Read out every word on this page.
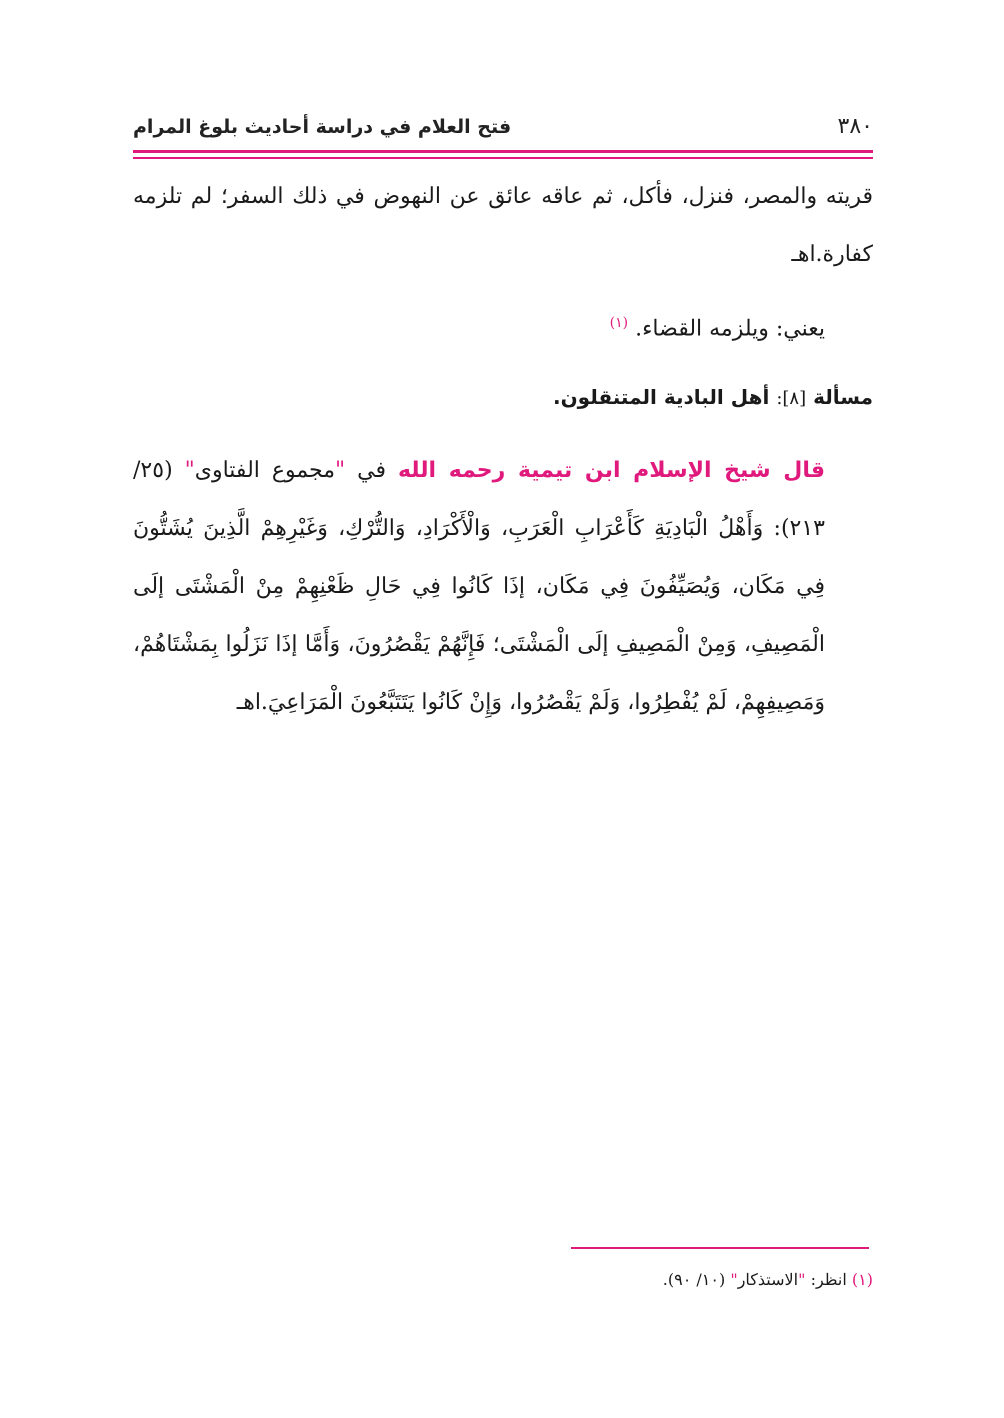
٣٨٠
فتح العلام في دراسة أحاديث بلوغ المرام

قريته والمصر، فنزل، فأكل، ثم عاقه عائق عن النهوض في ذلك السفر؛ لم تلزمه كفارة.اهـ

يعني: ويلزمه القضاء. $^{(١)}$

مسألة [٨]: أهل البادية المتنقلون.

قال شيخ الإسلام ابن تيمية رحمه الله في "مجموع الفتاوى" (٢٥/ ٢١٣): وَأَهْلُ الْبَادِيَةِ كَأَعْرَابِ الْعَرَبِ، وَالْأَكْرَادِ، وَالتُّرْكِ، وَغَيْرِهِمْ الَّذِينَ يُشَتُّونَ فِي مَكَان، وَيُصَيِّفُونَ فِي مَكَان، إذَا كَانُوا فِي حَالِ ظَعْنِهِمْ مِنْ الْمَشْتَى إلَى الْمَصِيفِ، وَمِنْ الْمَصِيفِ إلَى الْمَشْتَى؛ فَإِنَّهُمْ يَقْصُرُونَ، وَأَمَّا إذَا نَزَلُوا بِمَشْتَاهُمْ، وَمَصِيفِهِمْ، لَمْ يُفْطِرُوا، وَلَمْ يَقْصُرُوا، وَإِنْ كَانُوا يَتَتَبَّعُونَ الْمَرَاعِيَ.اهـ

(١) انظر: "الاستذكار" (١٠/ ٩٠).
